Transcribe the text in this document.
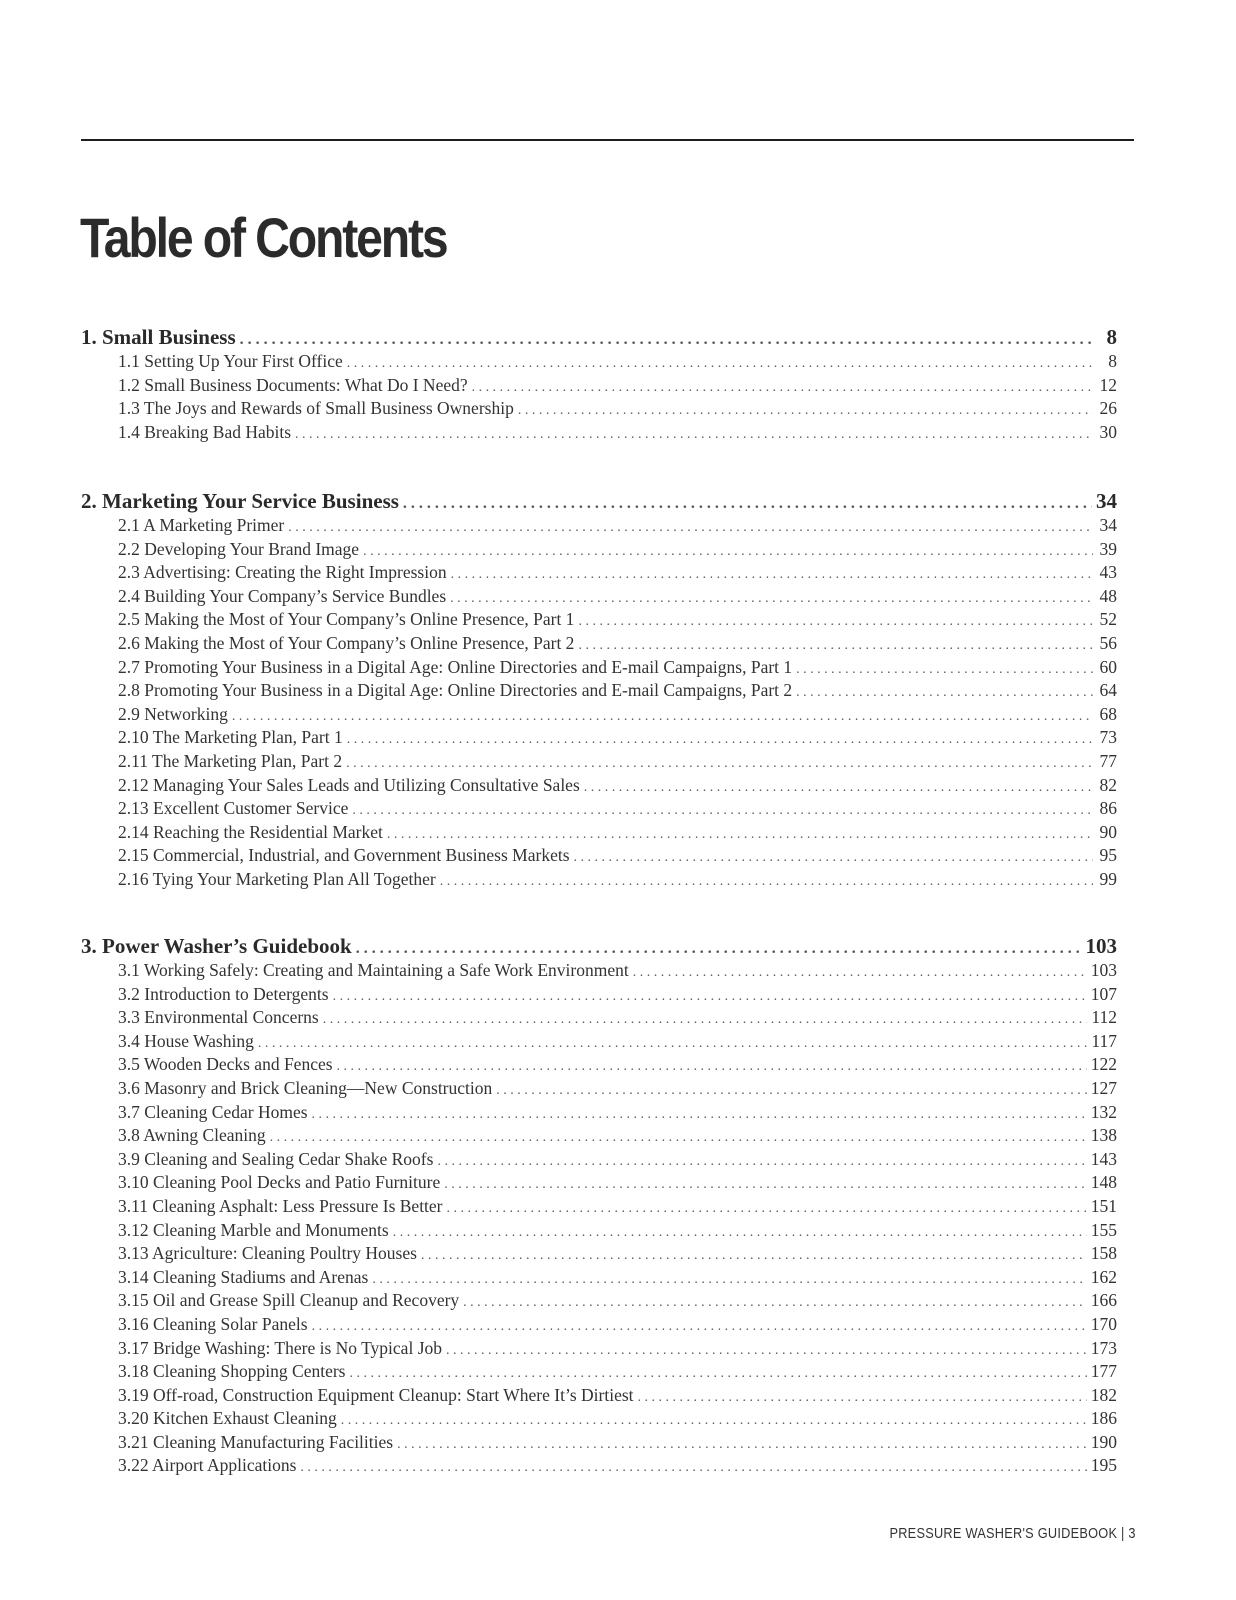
Table of Contents
1. Small Business . . .	8
1.1 Setting Up Your First Office . . .	8
1.2 Small Business Documents: What Do I Need? . . .	12
1.3 The Joys and Rewards of Small Business Ownership . . .	26
1.4 Breaking Bad Habits . . .	30
2. Marketing Your Service Business . . .	34
2.1 A Marketing Primer . . .	34
2.2 Developing Your Brand Image . . .	39
2.3 Advertising: Creating the Right Impression . . .	43
2.4 Building Your Company’s Service Bundles . . .	48
2.5 Making the Most of Your Company’s Online Presence, Part 1 . . .	52
2.6 Making the Most of Your Company’s Online Presence, Part 2 . . .	56
2.7 Promoting Your Business in a Digital Age: Online Directories and E-mail Campaigns, Part 1 . . .	60
2.8 Promoting Your Business in a Digital Age: Online Directories and E-mail Campaigns, Part 2 . . .	64
2.9 Networking . . .	68
2.10 The Marketing Plan, Part 1 . . .	73
2.11 The Marketing Plan, Part 2 . . .	77
2.12 Managing Your Sales Leads and Utilizing Consultative Sales . . .	82
2.13 Excellent Customer Service . . .	86
2.14 Reaching the Residential Market . . .	90
2.15 Commercial, Industrial, and Government Business Markets . . .	95
2.16 Tying Your Marketing Plan All Together . . .	99
3. Power Washer’s Guidebook . . .	103
3.1 Working Safely: Creating and Maintaining a Safe Work Environment . . .	103
3.2 Introduction to Detergents . . .	107
3.3 Environmental Concerns . . .	112
3.4 House Washing . . .	117
3.5 Wooden Decks and Fences . . .	122
3.6 Masonry and Brick Cleaning—New Construction . . .	127
3.7 Cleaning Cedar Homes . . .	132
3.8 Awning Cleaning . . .	138
3.9 Cleaning and Sealing Cedar Shake Roofs . . .	143
3.10 Cleaning Pool Decks and Patio Furniture . . .	148
3.11 Cleaning Asphalt: Less Pressure Is Better . . .	151
3.12 Cleaning Marble and Monuments . . .	155
3.13 Agriculture: Cleaning Poultry Houses . . .	158
3.14 Cleaning Stadiums and Arenas . . .	162
3.15 Oil and Grease Spill Cleanup and Recovery . . .	166
3.16 Cleaning Solar Panels . . .	170
3.17 Bridge Washing: There is No Typical Job . . .	173
3.18 Cleaning Shopping Centers . . .	177
3.19 Off-road, Construction Equipment Cleanup: Start Where It’s Dirtiest . . .	182
3.20 Kitchen Exhaust Cleaning . . .	186
3.21 Cleaning Manufacturing Facilities . . .	190
3.22 Airport Applications . . .	195
PRESSURE WASHER'S GUIDEBOOK | 3
